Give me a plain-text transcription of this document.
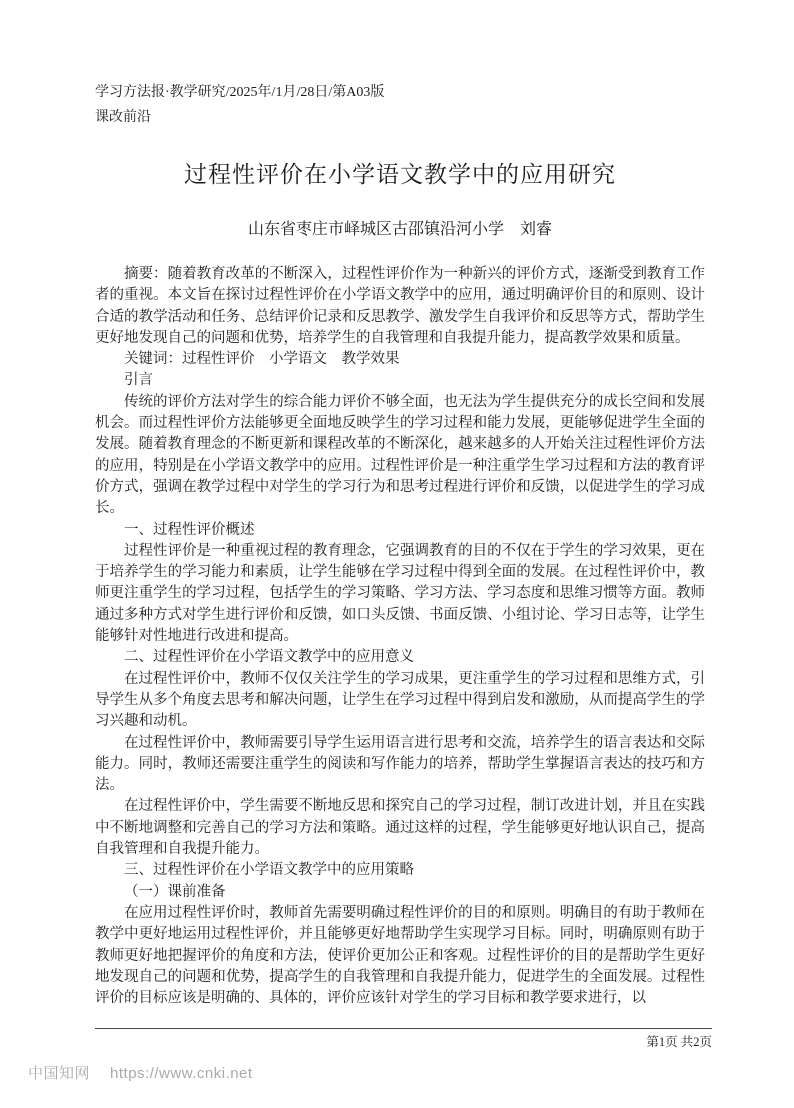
学习方法报·教学研究/2025年/1月/28日/第A03版
课改前沿
过程性评价在小学语文教学中的应用研究
山东省枣庄市峄城区古邵镇沿河小学　刘睿

摘要：随着教育改革的不断深入，过程性评价作为一种新兴的评价方式，逐渐受到教育工作者的重视。本文旨在探讨过程性评价在小学语文教学中的应用，通过明确评价目的和原则、设计合适的教学活动和任务、总结评价记录和反思教学、激发学生自我评价和反思等方式，帮助学生更好地发现自己的问题和优势，培养学生的自我管理和自我提升能力，提高教学效果和质量。

关键词：过程性评价　小学语文　教学效果

引言

传统的评价方法对学生的综合能力评价不够全面，也无法为学生提供充分的成长空间和发展机会。而过程性评价方法能够更全面地反映学生的学习过程和能力发展，更能够促进学生全面的发展。随着教育理念的不断更新和课程改革的不断深化，越来越多的人开始关注过程性评价方法的应用，特别是在小学语文教学中的应用。过程性评价是一种注重学生学习过程和方法的教育评价方式，强调在教学过程中对学生的学习行为和思考过程进行评价和反馈，以促进学生的学习成长。

一、过程性评价概述

过程性评价是一种重视过程的教育理念，它强调教育的目的不仅在于学生的学习效果，更在于培养学生的学习能力和素质，让学生能够在学习过程中得到全面的发展。在过程性评价中，教师更注重学生的学习过程，包括学生的学习策略、学习方法、学习态度和思维习惯等方面。教师通过多种方式对学生进行评价和反馈，如口头反馈、书面反馈、小组讨论、学习日志等，让学生能够针对性地进行改进和提高。

二、过程性评价在小学语文教学中的应用意义

在过程性评价中，教师不仅仅关注学生的学习成果，更注重学生的学习过程和思维方式，引导学生从多个角度去思考和解决问题，让学生在学习过程中得到启发和激励，从而提高学生的学习兴趣和动机。

在过程性评价中，教师需要引导学生运用语言进行思考和交流，培养学生的语言表达和交际能力。同时，教师还需要注重学生的阅读和写作能力的培养，帮助学生掌握语言表达的技巧和方法。

在过程性评价中，学生需要不断地反思和探究自己的学习过程，制订改进计划，并且在实践中不断地调整和完善自己的学习方法和策略。通过这样的过程，学生能够更好地认识自己，提高自我管理和自我提升能力。

三、过程性评价在小学语文教学中的应用策略

（一）课前准备

在应用过程性评价时，教师首先需要明确过程性评价的目的和原则。明确目的有助于教师在教学中更好地运用过程性评价，并且能够更好地帮助学生实现学习目标。同时，明确原则有助于教师更好地把握评价的角度和方法，使评价更加公正和客观。过程性评价的目的是帮助学生更好地发现自己的问题和优势，提高学生的自我管理和自我提升能力，促进学生的全面发展。过程性评价的目标应该是明确的、具体的，评价应该针对学生的学习目标和教学要求进行，以

第1页 共2页
中国知网 https://www.cnki.net
